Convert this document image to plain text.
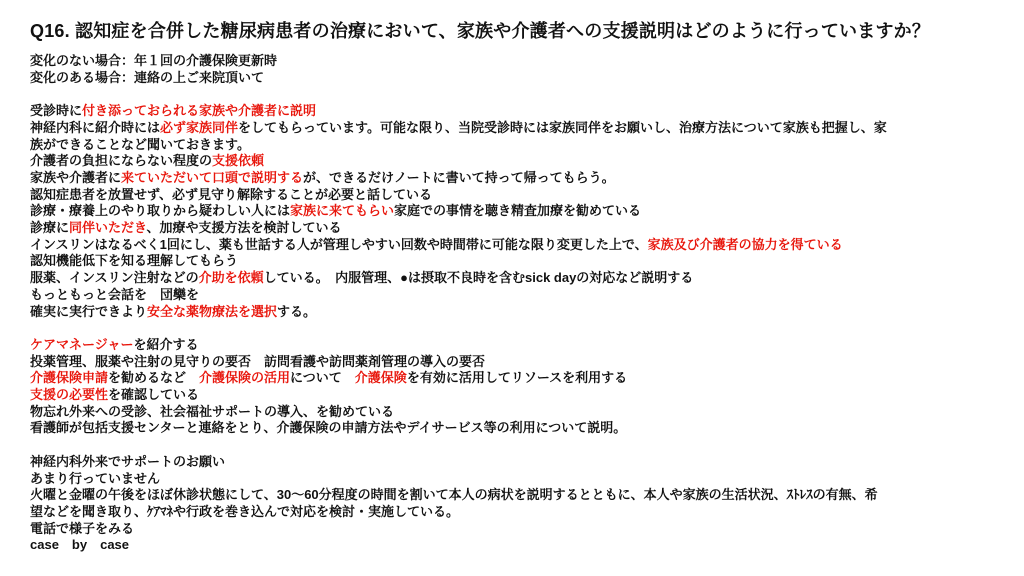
Q16. 認知症を合併した糖尿病患者の治療において、家族や介護者への支援説明はどのように行っていますか？
変化のない場合：年１回の介護保険更新時
変化のある場合：連絡の上ご来院頂いて

受診時に付き添っておられる家族や介護者に説明
神経内科に紹介時には必ず家族同伴をしてもらっています。可能な限り、当院受診時には家族同伴をお願いし、治療方法について家族も把握し、家
族ができることなど聞いておきます。
介護者の負担にならない程度の支援依頼
家族や介護者に来ていただいて口頭で説明するが、できるだけノートに書いて持って帰ってもらう。
認知症患者を放置せず、必ず見守り解除することが必要と話している
診療・療養上のやり取りから疑わしい人には家族に来てもらい家庭での事情を聴き精査加療を勧めている
診療に同伴いただき、加療や支援方法を検討している
インスリンはなるべく1回にし、薬も世話する人が管理しやすい回数や時間帯に可能な限り変更した上で、家族及び介護者の協力を得ている
認知機能低下を知る理解してもらう
服薬、インスリン注射などの介助を依頼している。　内服管理、●は摂取不良時を含むsick dayの対応など説明する
もっともっと会話を　団欒を
確実に実行できより安全な薬物療法を選択する。

ケアマネージャーを紹介する
投薬管理、服薬や注射の見守りの要否　訪問看護や訪問薬剤管理の導入の要否
介護保険申請を勧めるなど　介護保険の活用について　介護保険を有効に活用してリソースを利用する
支援の必要性を確認している
物忘れ外来への受診、社会福祉サポートの導入、を勧めている
看護師が包括支援センターと連絡をとり、介護保険の申請方法やデイサービス等の利用について説明。

神経内科外来でサポートのお願い
あまり行っていません
火曜と金曜の午後をほぼ休診状態にして、30～60分程度の時間を割いて本人の病状を説明するとともに、本人や家族の生活状況、ｽﾄﾚｽの有無、希
望などを聞き取り、ｹｱﾏﾈや行政を巻き込んで対応を検討・実施している。
電話で様子をみる
case　by　case
